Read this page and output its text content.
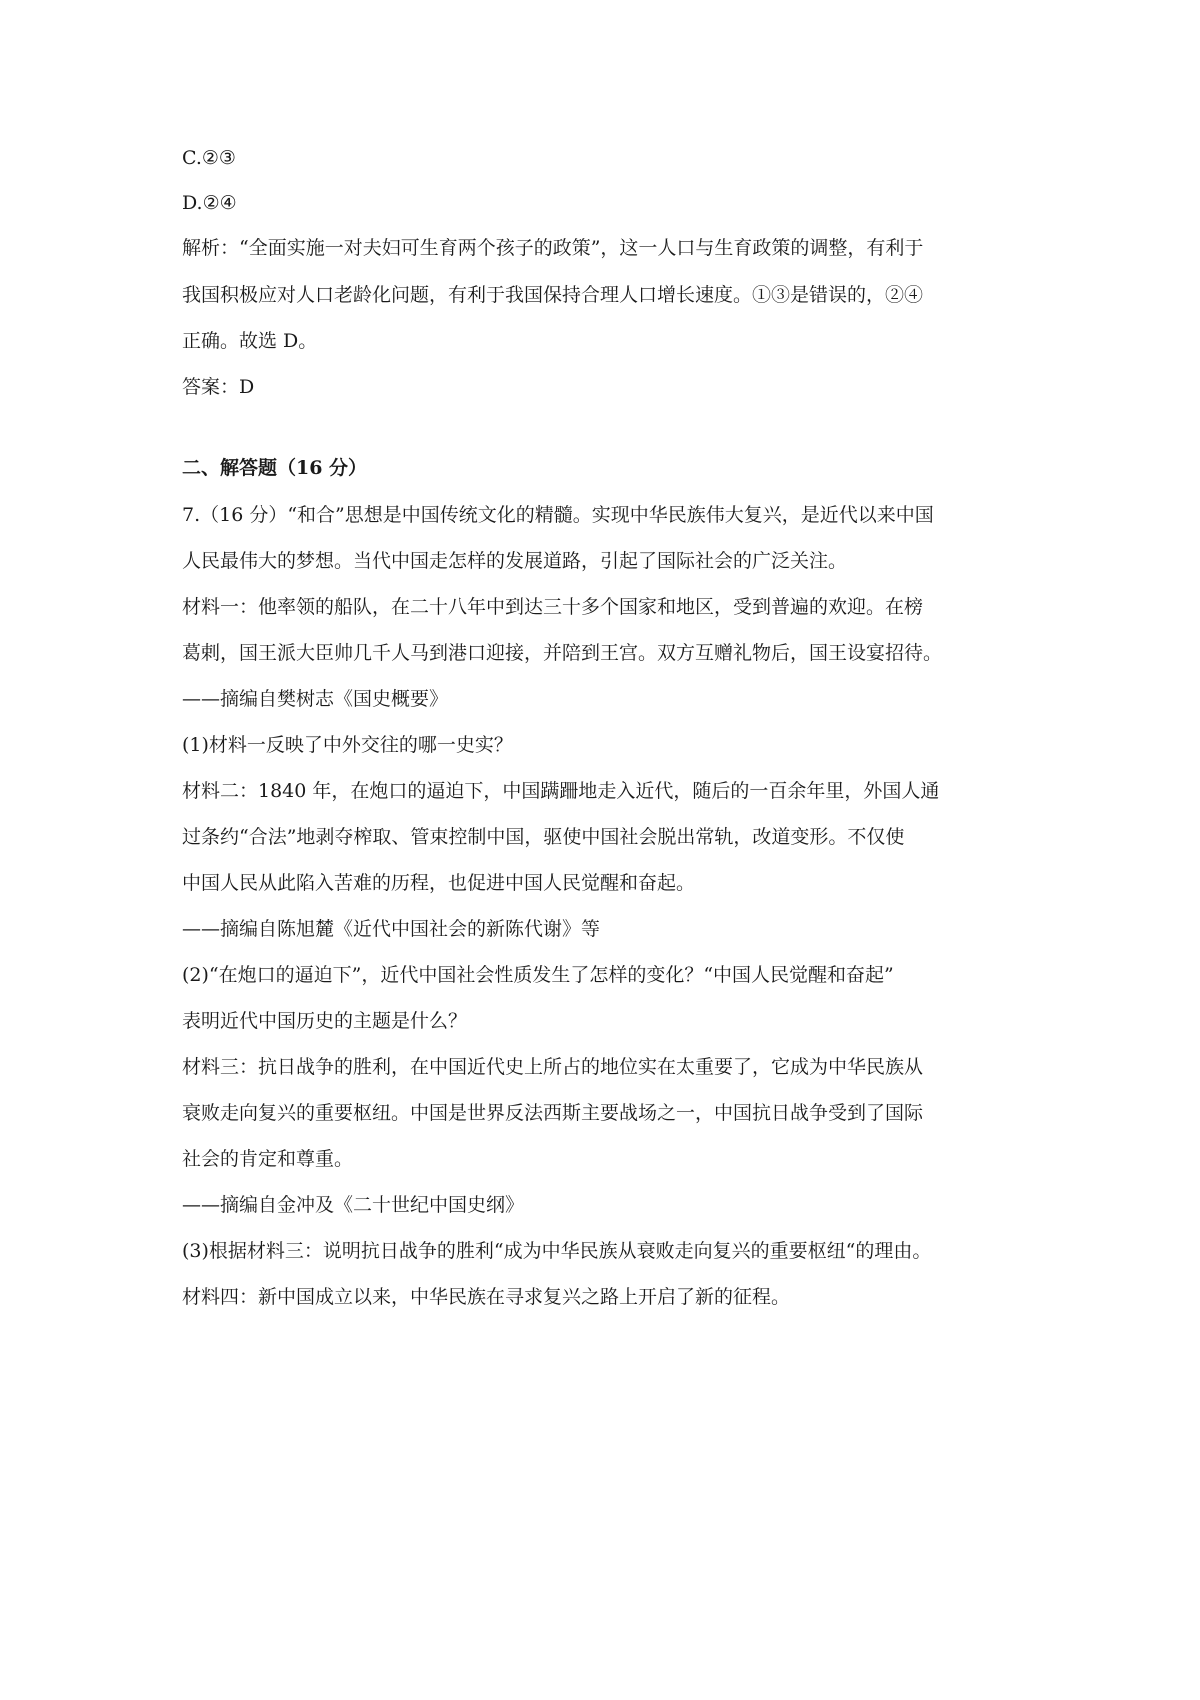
C.②③
D.②④
解析：“全面实施一对夫妇可生育两个孩子的政策”，这一人口与生育政策的调整，有利于
我国积极应对人口老龄化问题，有利于我国保持合理人口增长速度。①③是错误的，②④
正确。故选 D。
答案：D
二、解答题（16 分）
7.（16 分）“和合”思想是中国传统文化的精髓。实现中华民族伟大复兴，是近代以来中国
人民最伟大的梦想。当代中国走怎样的发展道路，引起了国际社会的广泛关注。
材料一：他率领的船队，在二十八年中到达三十多个国家和地区，受到普遍的欢迎。在榜
葛剌，国王派大臣帅几千人马到港口迎接，并陪到王宫。双方互赠礼物后，国王设宴招待。
——摘编自樊树志《国史概要》
(1)材料一反映了中外交往的哪一史实？
材料二：1840 年，在炮口的逼迫下，中国蹒跚地走入近代，随后的一百余年里，外国人通
过条约“合法”地剥夺榨取、管束控制中国，驱使中国社会脱出常轨，改道变形。不仅使
中国人民从此陷入苦难的历程，也促进中国人民觉醒和奋起。
——摘编自陈旭麓《近代中国社会的新陈代谢》等
(2)“在炮口的逼迫下”，近代中国社会性质发生了怎样的变化？“中国人民觉醒和奋起”
表明近代中国历史的主题是什么？
材料三：抗日战争的胜利，在中国近代史上所占的地位实在太重要了，它成为中华民族从
衰败走向复兴的重要枢纽。中国是世界反法西斯主要战场之一，中国抗日战争受到了国际
社会的肯定和尊重。
——摘编自金冲及《二十世纪中国史纲》
(3)根据材料三：说明抗日战争的胜利“成为中华民族从衰败走向复兴的重要枢纽“的理由。
材料四：新中国成立以来，中华民族在寻求复兴之路上开启了新的征程。
